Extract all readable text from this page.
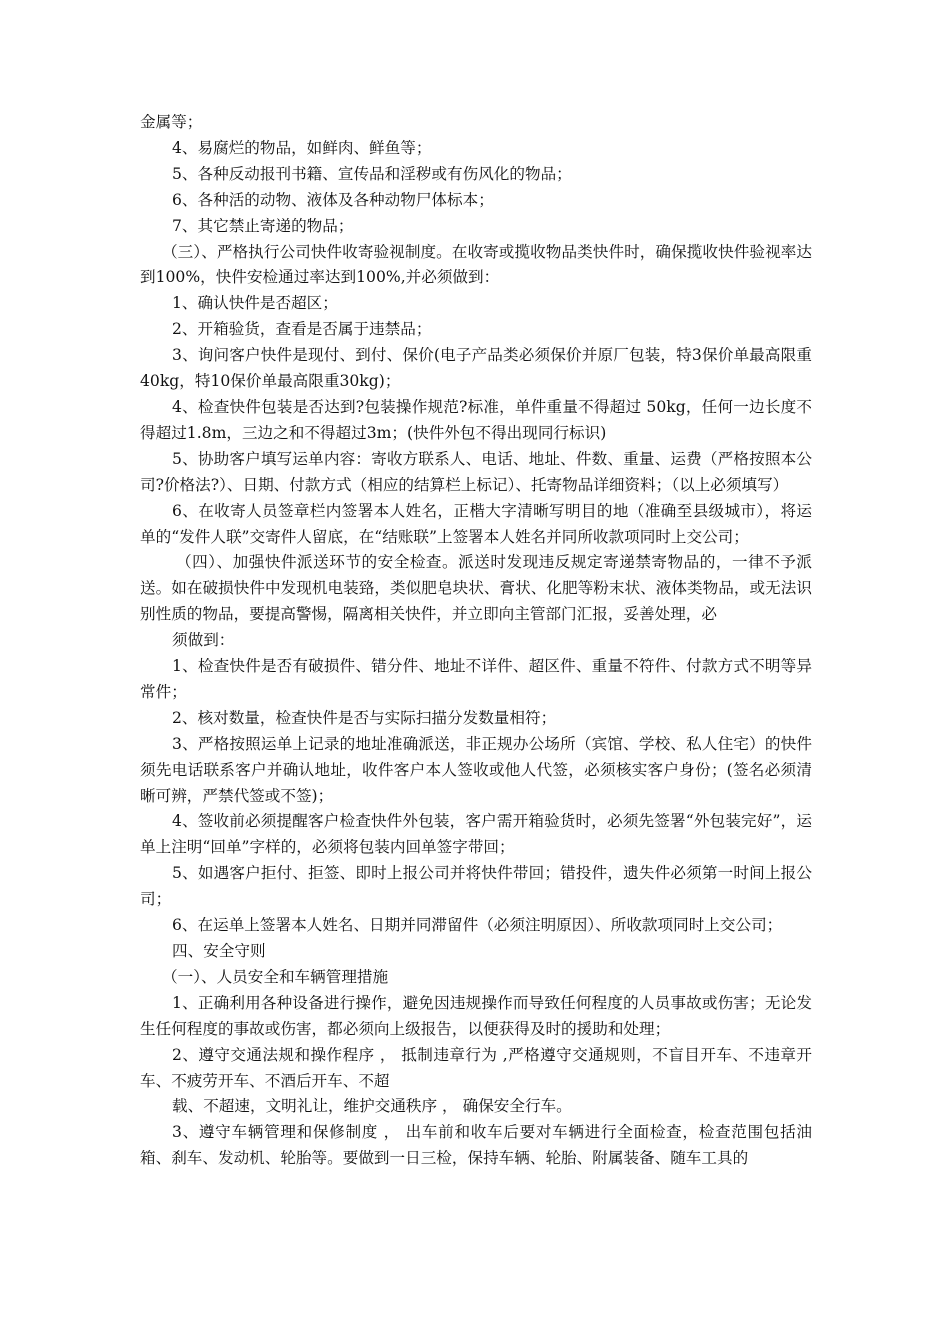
金属等；

4、易腐烂的物品，如鲜肉、鲜鱼等；

5、各种反动报刊书籍、宣传品和淫秽或有伤风化的物品；

6、各种活的动物、液体及各种动物尸体标本；

7、其它禁止寄递的物品；

（三）、严格执行公司快件收寄验视制度。在收寄或揽收物品类快件时，确保揽收快件验视率达到100%，快件安检通过率达到100%,并必须做到：

1、确认快件是否超区；

2、开箱验货，查看是否属于违禁品；

3、询问客户快件是现付、到付、保价(电子产品类必须保价并原厂包装，特3保价单最高限重40kg，特10保价单最高限重30kg)；

4、检查快件包装是否达到?包装操作规范?标准，单件重量不得超过 50kg，任何一边长度不得超过1.8m，三边之和不得超过3m；(快件外包不得出现同行标识)

5、协助客户填写运单内容：寄收方联系人、电话、地址、件数、重量、运费（严格按照本公司?价格法?）、日期、付款方式（相应的结算栏上标记）、托寄物品详细资料；（以上必须填写）

6、在收寄人员签章栏内签署本人姓名，正楷大字清晰写明目的地（准确至县级城市），将运单的“发件人联”交寄件人留底，在“结账联”上签署本人姓名并同所收款项同时上交公司；

（四）、加强快件派送环节的安全检查。派送时发现违反规定寄递禁寄物品的，一律不予派送。如在破损快件中发现机电装臵，类似肥皂块状、膏状、化肥等粉末状、液体类物品，或无法识别性质的物品，要提高警惕，隔离相关快件，并立即向主管部门汇报，妥善处理，必

须做到：

1、检查快件是否有破损件、错分件、地址不详件、超区件、重量不符件、付款方式不明等异常件；

2、核对数量，检查快件是否与实际扫描分发数量相符；

3、严格按照运单上记录的地址准确派送，非正规办公场所（宾馆、学校、私人住宅）的快件须先电话联系客户并确认地址，收件客户本人签收或他人代签，必须核实客户身份；(签名必须清晰可辨，严禁代签或不签)；

4、签收前必须提醒客户检查快件外包装，客户需开箱验货时，必须先签署“外包装完好”，运单上注明“回单”字样的，必须将包装内回单签字带回；

5、如遇客户拒付、拒签、即时上报公司并将快件带回；错投件，遗失件必须第一时间上报公司；

6、在运单上签署本人姓名、日期并同滞留件（必须注明原因）、所收款项同时上交公司；

四、安全守则

（一）、人员安全和车辆管理措施

1、正确利用各种设备进行操作，避免因违规操作而导致任何程度的人员事故或伤害；无论发生任何程度的事故或伤害，都必须向上级报告，以便获得及时的援助和处理；

2、遵守交通法规和操作程序 ， 抵制违章行为 ,严格遵守交通规则，不盲目开车、不违章开车、不疲劳开车、不酒后开车、不超

载、不超速，文明礼让，维护交通秩序 ， 确保安全行车。

3、遵守车辆管理和保修制度 ， 出车前和收车后要对车辆进行全面检查，检查范围包括油箱、刹车、发动机、轮胎等。要做到一日三检，保持车辆、轮胎、附属装备、随车工具的
